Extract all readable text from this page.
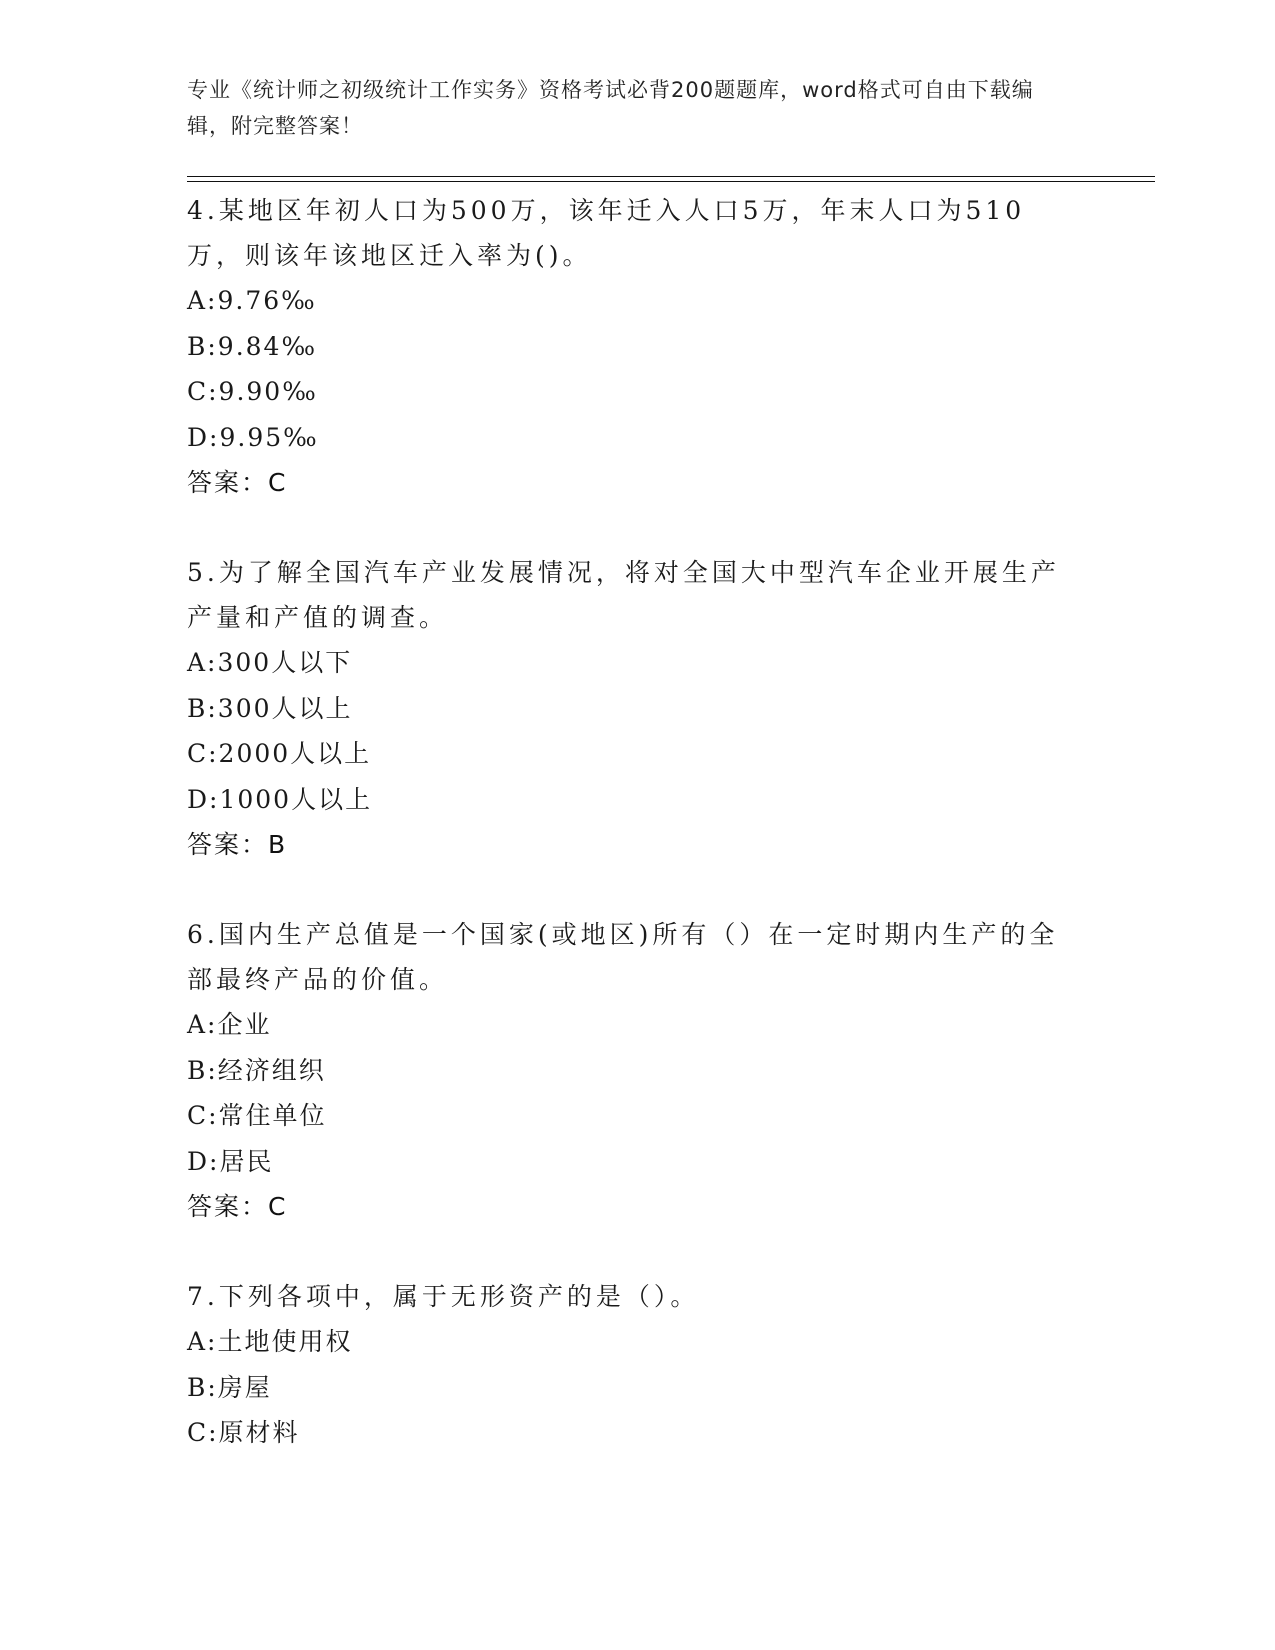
专业《统计师之初级统计工作实务》资格考试必背200题题库，word格式可自由下载编辑，附完整答案！
4.某地区年初人口为500万，该年迁入人口5万，年末人口为510万，则该年该地区迁入率为()。
A:9.76‰
B:9.84‰
C:9.90‰
D:9.95‰
答案：C
5.为了解全国汽车产业发展情况，将对全国大中型汽车企业开展生产产量和产值的调查。
A:300人以下
B:300人以上
C:2000人以上
D:1000人以上
答案：B
6.国内生产总值是一个国家(或地区)所有（）在一定时期内生产的全部最终产品的价值。
A:企业
B:经济组织
C:常住单位
D:居民
答案：C
7.下列各项中，属于无形资产的是（）。
A:土地使用权
B:房屋
C:原材料
